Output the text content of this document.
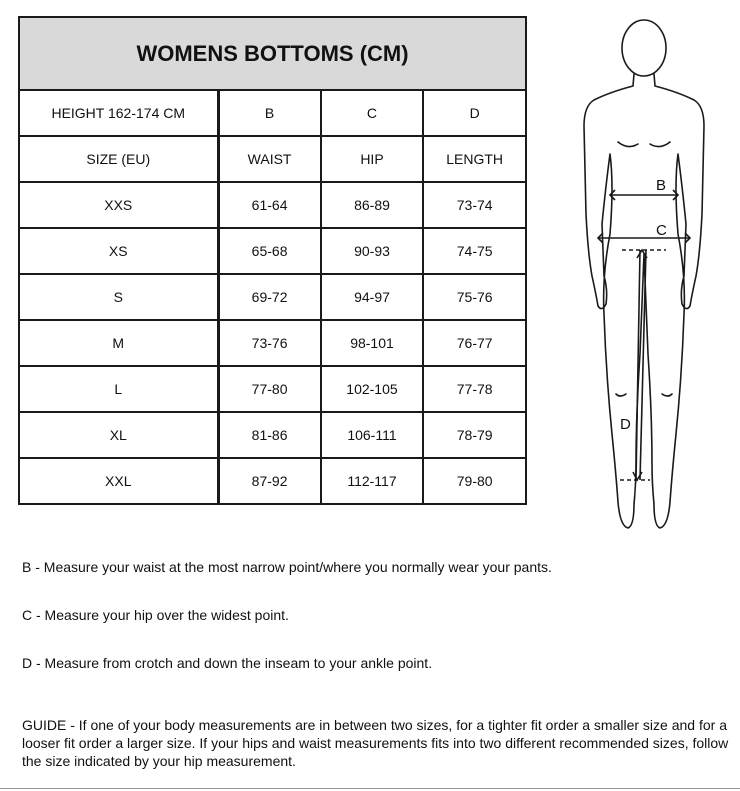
WOMENS BOTTOMS (CM)			
HEIGHT 162-174 CM	B	C	D
SIZE (EU)	WAIST	HIP	LENGTH
XXS	61-64	86-89	73-74
XS	65-68	90-93	74-75
S	69-72	94-97	75-76
M	73-76	98-101	76-77
L	77-80	102-105	77-78
XL	81-86	106-111	78-79
XXL	87-92	112-117	79-80
B
C
D
B - Measure your waist at the most narrow point/where you normally wear your pants.
C - Measure your hip over the widest point.
D - Measure from crotch and down the inseam to your ankle point.
GUIDE - If one of your body measurements are in between two sizes, for a tighter fit order a smaller size and for a looser fit order a larger size. If your hips and waist measurements fits into two different recommended sizes, follow the size indicated by your hip measurement.
